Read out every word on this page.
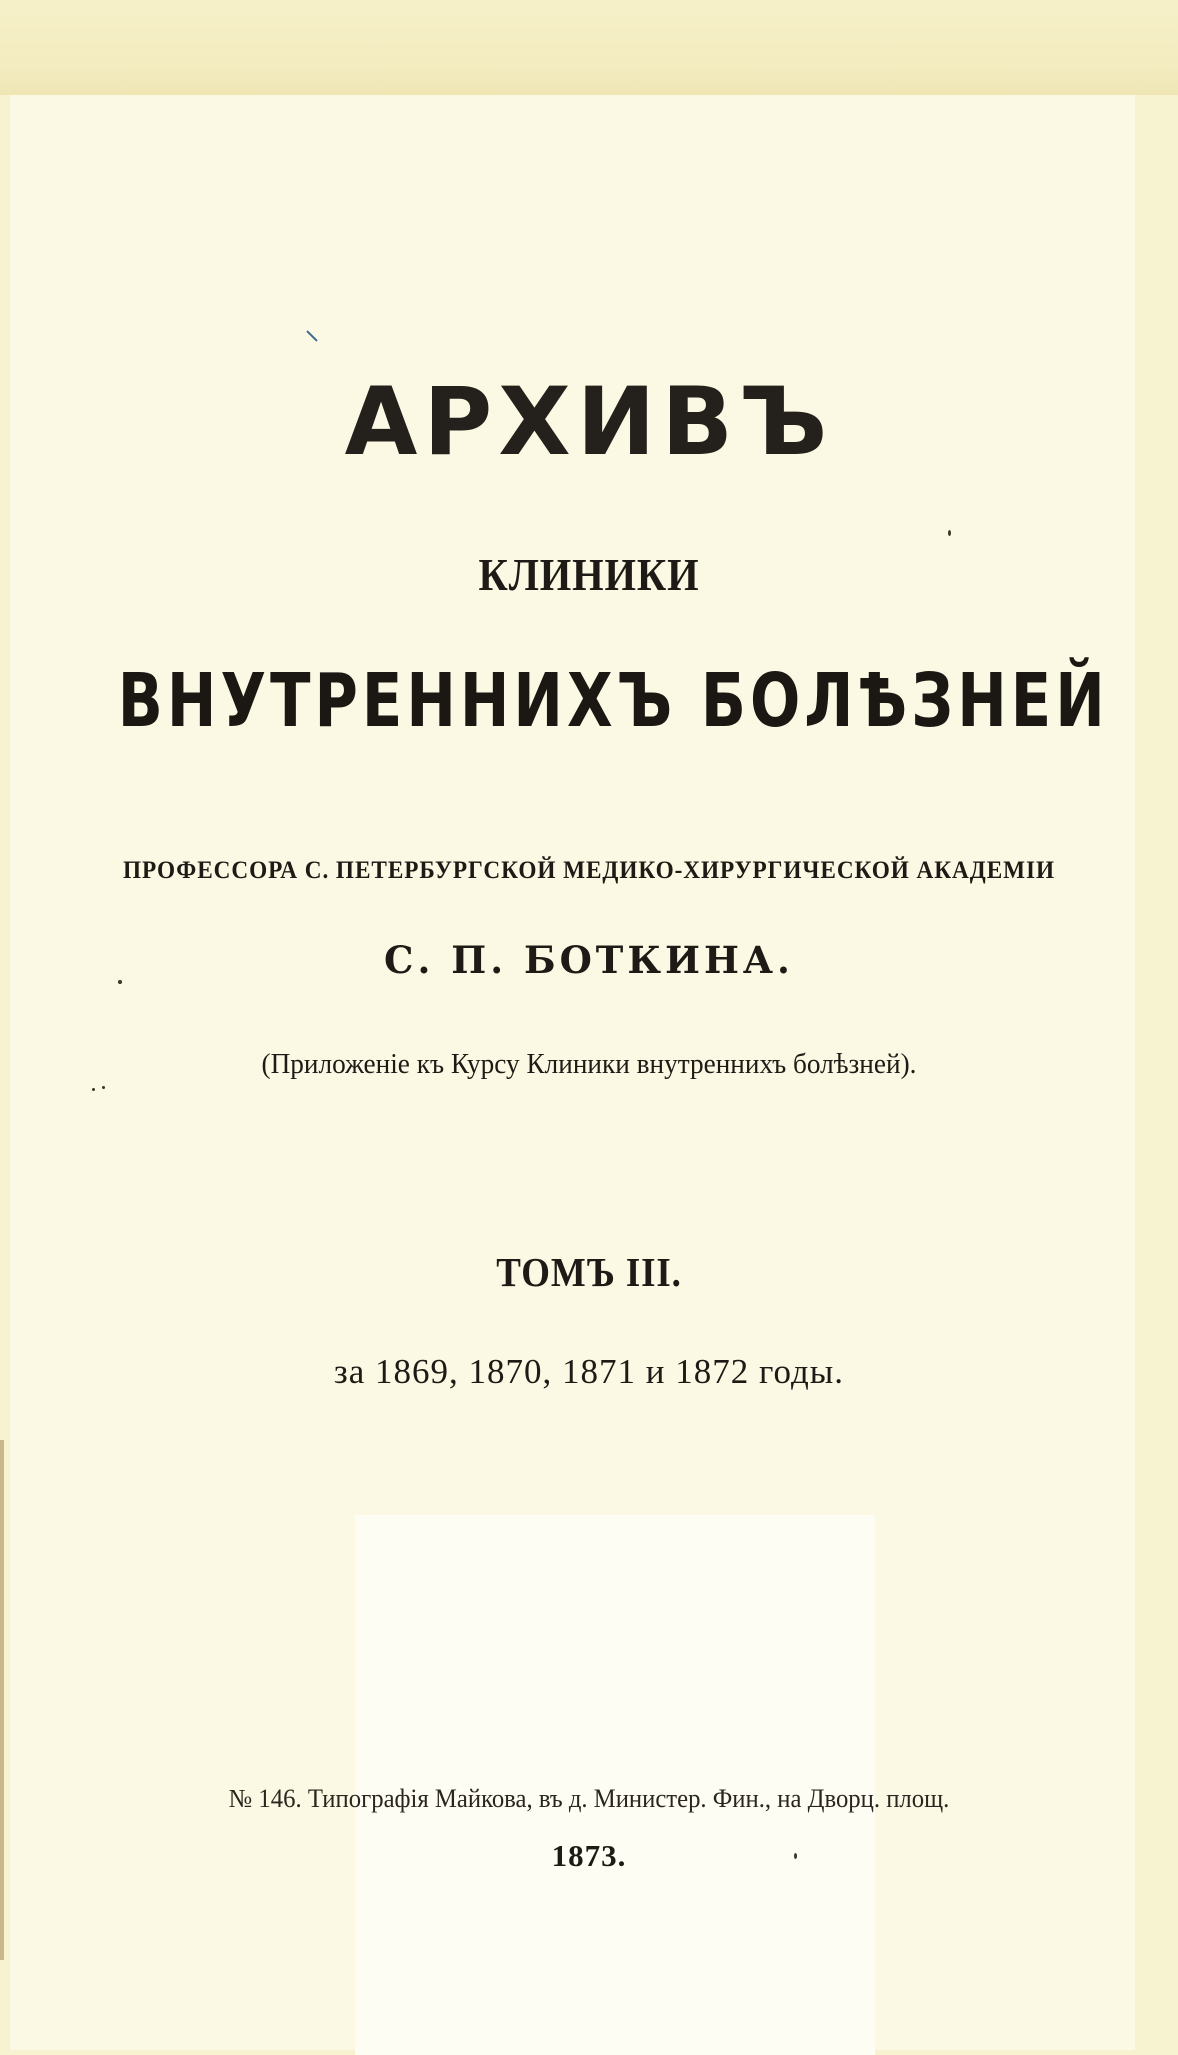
АРХИВЪ
КЛИНИКИ
ВНУТРЕННИХЪ БОЛѢЗНЕЙ
ПРОФЕССОРА С. ПЕТЕРБУРГСКОЙ МЕДИКО-ХИРУРГИЧЕСКОЙ АКАДЕМІИ
С. П. БОТКИНА.
(Приложеніе къ Курсу Клиники внутреннихъ болѣзней).
ТОМЪ III.
за 1869, 1870, 1871 и 1872 годы.
№ 146. Типографія Майкова, въ д. Министер. Фин., на Дворц. площ.
1873.
